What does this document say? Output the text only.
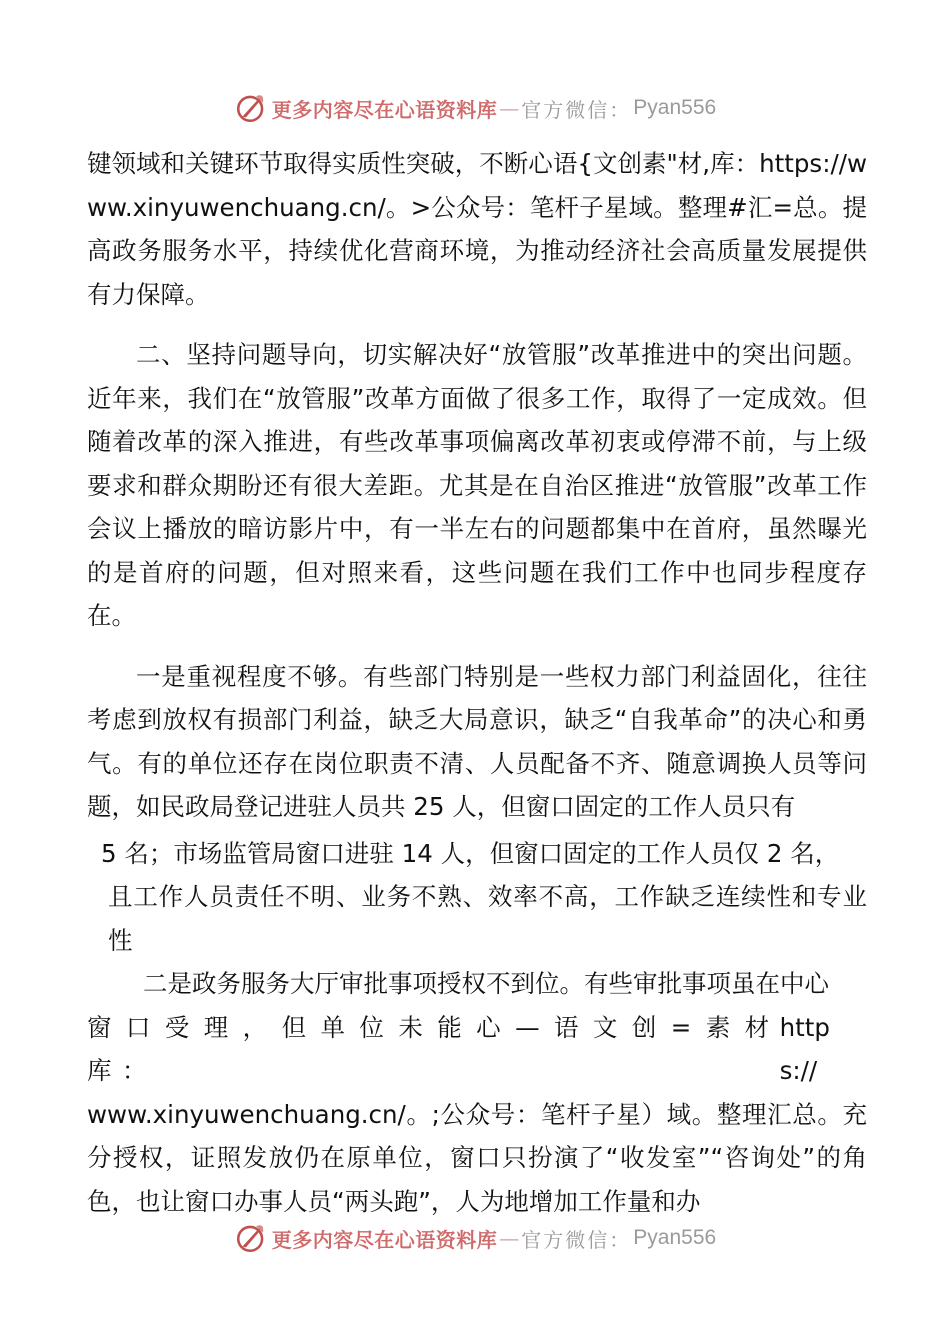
更多内容尽在心语资料库 — 官方微信： Pyan556

键领域和关键环节取得实质性突破，不断心语{文创素"材,库：https://www.xinyuwenchuang.cn/。>公众号：笔杆子星域。整理#汇=总。提高政务服务水平，持续优化营商环境，为推动经济社会高质量发展提供有力保障。

二、坚持问题导向，切实解决好“放管服”改革推进中的突出问题。近年来，我们在“放管服”改革方面做了很多工作，取得了一定成效。但随着改革的深入推进，有些改革事项偏离改革初衷或停滞不前，与上级要求和群众期盼还有很大差距。尤其是在自治区推进“放管服”改革工作会议上播放的暗访影片中，有一半左右的问题都集中在首府，虽然曝光的是首府的问题，但对照来看，这些问题在我们工作中也同步程度存在。

一是重视程度不够。有些部门特别是一些权力部门利益固化，往往考虑到放权有损部门利益，缺乏大局意识，缺乏“自我革命”的决心和勇气。有的单位还存在岗位职责不清、人员配备不齐、随意调换人员等问题，如民政局登记进驻人员共 25 人，但窗口固定的工作人员只有

5 名；市场监管局窗口进驻 14 人，但窗口固定的工作人员仅 2 名，

且工作人员责任不明、业务不熟、效率不高，工作缺乏连续性和专业性

二是政务服务大厅审批事项授权不到位。有些审批事项虽在中心

窗口受理，但单位未能心—语文创=素材库：
https://

www.xinyuwenchuang.cn/。;公众号：笔杆子星）域。整理汇总。充分授权，证照发放仍在原单位，窗口只扮演了“收发室”“咨询处”的角色，也让窗口办事人员“两头跑”，人为地增加工作量和办

更多内容尽在心语资料库 — 官方微信： Pyan556
